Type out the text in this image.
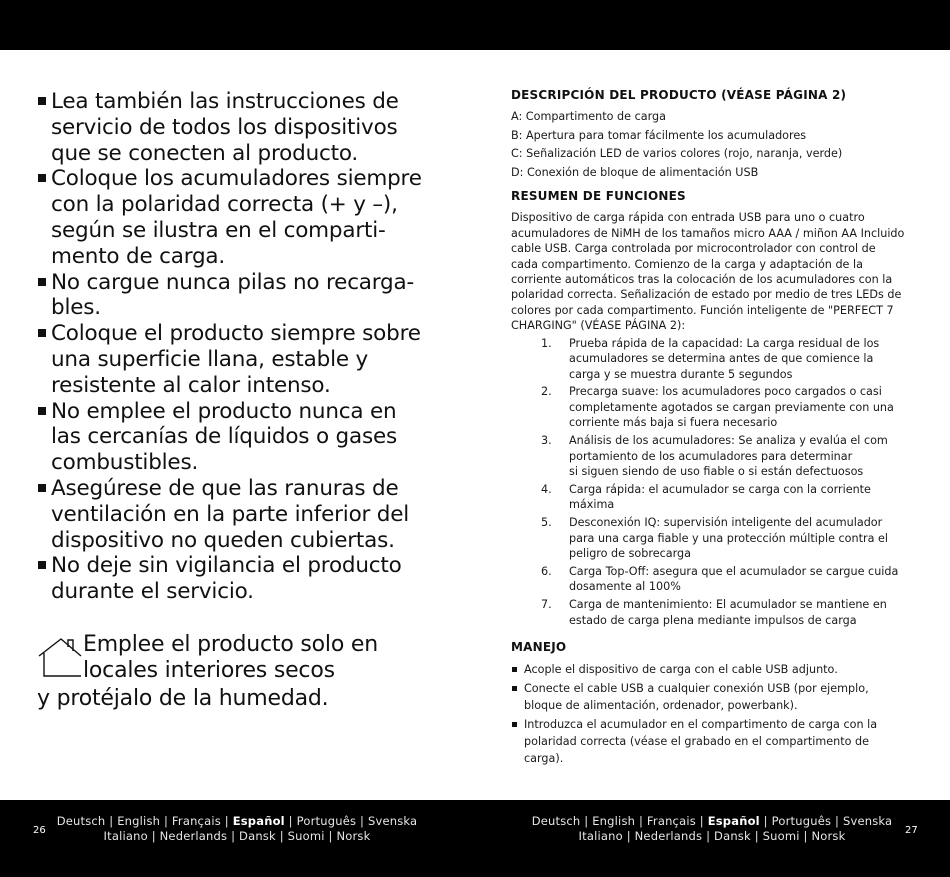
Lea también las instrucciones de
servicio de todos los dispositivos
que se conecten al producto.
Coloque los acumuladores siempre
con la polaridad correcta (+ y –),
según se ilustra en el comparti-
mento de carga.
No cargue nunca pilas no recarga-
bles.
Coloque el producto siempre sobre
una superficie llana, estable y
resistente al calor intenso.
No emplee el producto nunca en
las cercanías de líquidos o gases
combustibles.
Asegúrese de que las ranuras de
ventilación en la parte inferior del
dispositivo no queden cubiertas.
No deje sin vigilancia el producto
durante el servicio.
Emplee el producto solo en
locales interiores secos
y protéjalo de la humedad.
DESCRIPCIÓN DEL PRODUCTO (VÉASE PÁGINA 2)
A: Compartimento de carga
B: Apertura para tomar fácilmente los acumuladores
C: Señalización LED de varios colores (rojo, naranja, verde)
D: Conexión de bloque de alimentación USB
RESUMEN DE FUNCIONES
Dispositivo de carga rápida con entrada USB para uno o cuatro
acumuladores de NiMH de los tamaños micro AAA / miñon AA Incluido
cable USB. Carga controlada por microcontrolador con control de
cada compartimento. Comienzo de la carga y adaptación de la
corriente automáticos tras la colocación de los acumuladores con la
polaridad correcta. Señalización de estado por medio de tres LEDs de
colores por cada compartimento. Función inteligente de "PERFECT 7
CHARGING" (VÉASE PÁGINA 2):
1. Prueba rápida de la capacidad: La carga residual de los
acumuladores se determina antes de que comience la
carga y se muestra durante 5 segundos
2. Precarga suave: los acumuladores poco cargados o casi
completamente agotados se cargan previamente con una
corriente más baja si fuera necesario
3. Análisis de los acumuladores: Se analiza y evalúa el com
portamiento de los acumuladores para determinar
si siguen siendo de uso fiable o si están defectuosos
4. Carga rápida: el acumulador se carga con la corriente
máxima
5. Desconexión IQ: supervisión inteligente del acumulador
para una carga fiable y una protección múltiple contra el
peligro de sobrecarga
6. Carga Top-Off: asegura que el acumulador se cargue cuida
dosamente al 100%
7. Carga de mantenimiento: El acumulador se mantiene en
estado de carga plena mediante impulsos de carga
MANEJO
Acople el dispositivo de carga con el cable USB adjunto.
Conecte el cable USB a cualquier conexión USB (por ejemplo,
bloque de alimentación, ordenador, powerbank).
Introduzca el acumulador en el compartimento de carga con la
polaridad correcta (véase el grabado en el compartimento de
carga).
26
Deutsch | English | Français | Español | Português | Svenska
Italiano | Nederlands | Dansk | Suomi | Norsk
Deutsch | English | Français | Español | Português | Svenska
Italiano | Nederlands | Dansk | Suomi | Norsk	27
